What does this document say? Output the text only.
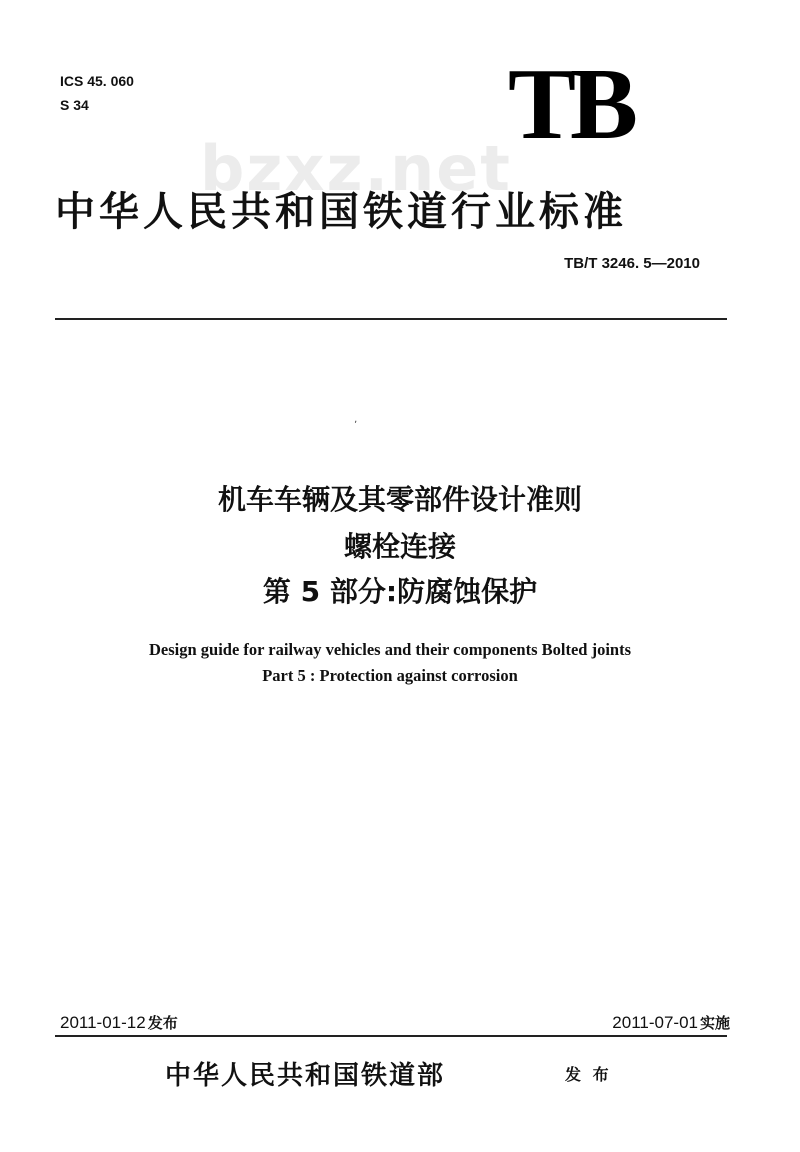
ICS 45. 060
S 34	TB
bzxz.net
中华人民共和国铁道行业标准
TB/T 3246. 5—2010
ʼ
机车车辆及其零部件设计准则
螺栓连接
第 5 部分:防腐蚀保护
Design guide for railway vehicles and their components Bolted joints
Part 5 : Protection against corrosion
2011-01-12 发布	2011-07-01 实施
中华人民共和国铁道部	发 布
